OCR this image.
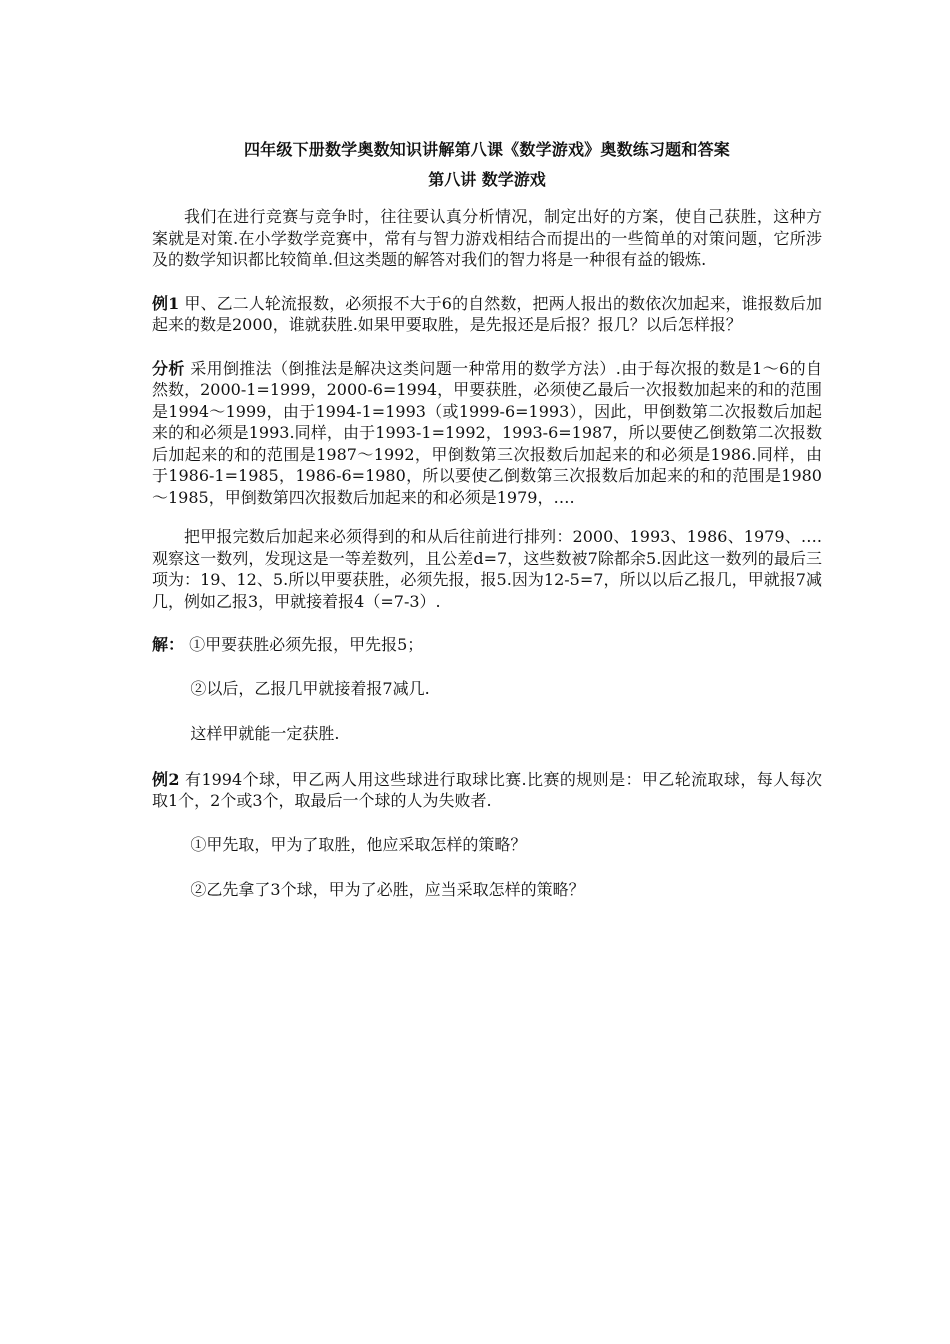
四年级下册数学奥数知识讲解第八课《数学游戏》奥数练习题和答案
第八讲 数学游戏

我们在进行竞赛与竞争时，往往要认真分析情况，制定出好的方案，使自己获胜，这种方案就是对策.在小学数学竞赛中，常有与智力游戏相结合而提出的一些简单的对策问题，它所涉及的数学知识都比较简单.但这类题的解答对我们的智力将是一种很有益的锻炼.

例1 甲、乙二人轮流报数，必须报不大于6的自然数，把两人报出的数依次加起来，谁报数后加起来的数是2000，谁就获胜.如果甲要取胜，是先报还是后报？报几？以后怎样报？

分析 采用倒推法（倒推法是解决这类问题一种常用的数学方法）.由于每次报的数是1～6的自然数，2000-1=1999，2000-6=1994，甲要获胜，必须使乙最后一次报数加起来的和的范围是1994～1999，由于1994-1=1993（或1999-6=1993），因此，甲倒数第二次报数后加起来的和必须是1993.同样，由于1993-1=1992，1993-6=1987，所以要使乙倒数第二次报数后加起来的和的范围是1987～1992，甲倒数第三次报数后加起来的和必须是1986.同样，由于1986-1=1985，1986-6=1980，所以要使乙倒数第三次报数后加起来的和的范围是1980～1985，甲倒数第四次报数后加起来的和必须是1979，….

把甲报完数后加起来必须得到的和从后往前进行排列：2000、1993、1986、1979、….观察这一数列，发现这是一等差数列，且公差d=7，这些数被7除都余5.因此这一数列的最后三项为：19、12、5.所以甲要获胜，必须先报，报5.因为12-5=7，所以以后乙报几，甲就报7减几，例如乙报3，甲就接着报4（=7-3）.

解： ①甲要获胜必须先报，甲先报5；

②以后，乙报几甲就接着报7减几.

这样甲就能一定获胜.

例2 有1994个球，甲乙两人用这些球进行取球比赛.比赛的规则是：甲乙轮流取球，每人每次取1个，2个或3个，取最后一个球的人为失败者.

①甲先取，甲为了取胜，他应采取怎样的策略？

②乙先拿了3个球，甲为了必胜，应当采取怎样的策略？
